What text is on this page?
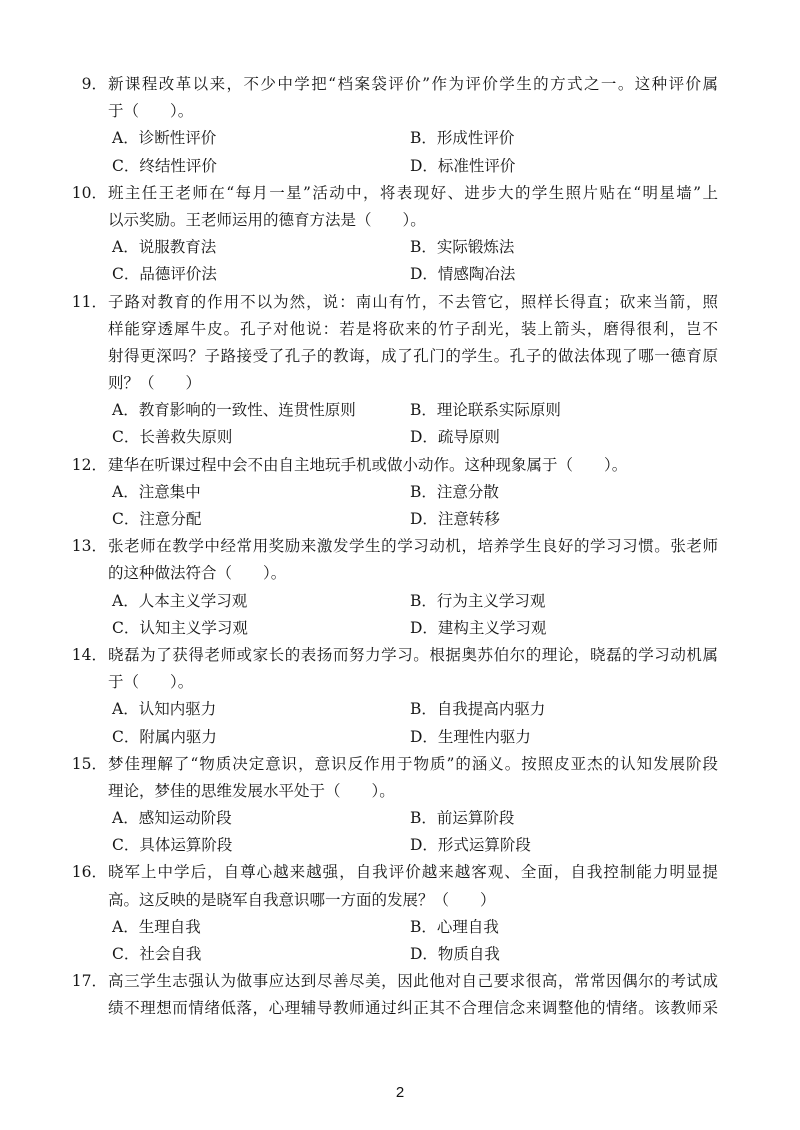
9． 新课程改革以来，不少中学把“档案袋评价”作为评价学生的方式之一。这种评价属
于（　　）。
A．诊断性评价	B．形成性评价
C．终结性评价	D．标准性评价
10． 班主任王老师在“每月一星”活动中，将表现好、进步大的学生照片贴在“明星墙”上
以示奖励。王老师运用的德育方法是（　　）。
A．说服教育法	B．实际锻炼法
C．品德评价法	D．情感陶冶法
11． 子路对教育的作用不以为然，说：南山有竹，不去管它，照样长得直；砍来当箭，照
样能穿透犀牛皮。孔子对他说：若是将砍来的竹子刮光，装上箭头，磨得很利，岂不
射得更深吗？子路接受了孔子的教诲，成了孔门的学生。孔子的做法体现了哪一德育原
则？（　　）
A．教育影响的一致性、连贯性原则	B．理论联系实际原则
C．长善救失原则	D．疏导原则
12． 建华在听课过程中会不由自主地玩手机或做小动作。这种现象属于（　　）。
A．注意集中	B．注意分散
C．注意分配	D．注意转移
13． 张老师在教学中经常用奖励来激发学生的学习动机，培养学生良好的学习习惯。张老师
的这种做法符合（　　）。
A．人本主义学习观	B．行为主义学习观
C．认知主义学习观	D．建构主义学习观
14． 晓磊为了获得老师或家长的表扬而努力学习。根据奥苏伯尔的理论，晓磊的学习动机属
于（　　）。
A．认知内驱力	B．自我提高内驱力
C．附属内驱力	D．生理性内驱力
15． 梦佳理解了“物质决定意识，意识反作用于物质”的涵义。按照皮亚杰的认知发展阶段
理论，梦佳的思维发展水平处于（　　）。
A．感知运动阶段	B．前运算阶段
C．具体运算阶段	D．形式运算阶段
16． 晓军上中学后，自尊心越来越强，自我评价越来越客观、全面，自我控制能力明显提
高。这反映的是晓军自我意识哪一方面的发展？（　　）
A．生理自我	B．心理自我
C．社会自我	D．物质自我
17． 高三学生志强认为做事应达到尽善尽美，因此他对自己要求很高，常常因偶尔的考试成
绩不理想而情绪低落，心理辅导教师通过纠正其不合理信念来调整他的情绪。该教师采
2
